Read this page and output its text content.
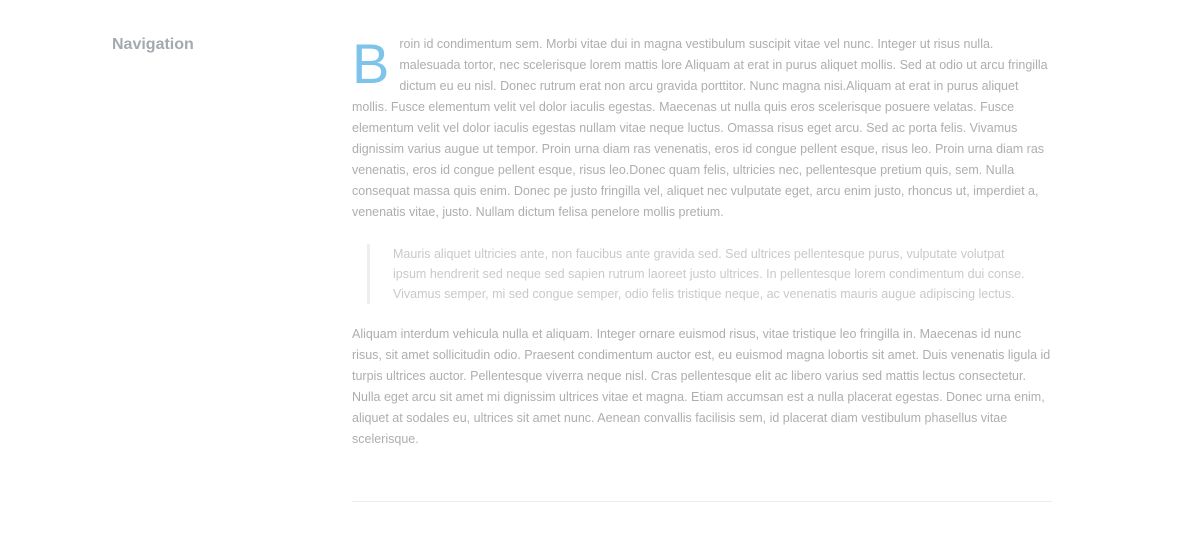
Navigation	Broin id condimentum sem. Morbi vitae dui in magna vestibulum suscipit vitae vel nunc. Integer ut risus nulla. malesuada tortor, nec scelerisque lorem mattis lore Aliquam at erat in purus aliquet mollis. Sed at odio ut arcu fringilla dictum eu eu nisl. Donec rutrum erat non arcu gravida porttitor. Nunc magna nisi.Aliquam at erat in purus aliquet mollis. Fusce elementum velit vel dolor iaculis egestas. Maecenas ut nulla quis eros scelerisque posuere velatas. Fusce elementum velit vel dolor iaculis egestas nullam vitae neque luctus. Omassa risus eget arcu. Sed ac porta felis. Vivamus dignissim varius augue ut tempor. Proin urna diam ras venenatis, eros id congue pellent esque, risus leo. Proin urna diam ras venenatis, eros id congue pellent esque, risus leo.Donec quam felis, ultricies nec, pellentesque pretium quis, sem. Nulla consequat massa quis enim. Donec pe justo fringilla vel, aliquet nec vulputate eget, arcu enim justo, rhoncus ut, imperdiet a, venenatis vitae, justo. Nullam dictum felisa penelore mollis pretium.

Mauris aliquet ultricies ante, non faucibus ante gravida sed. Sed ultrices pellentesque purus, vulputate volutpat ipsum hendrerit sed neque sed sapien rutrum laoreet justo ultrices. In pellentesque lorem condimentum dui conse. Vivamus semper, mi sed congue semper, odio felis tristique neque, ac venenatis mauris augue adipiscing lectus.

Aliquam interdum vehicula nulla et aliquam. Integer ornare euismod risus, vitae tristique leo fringilla in. Maecenas id nunc risus, sit amet sollicitudin odio. Praesent condimentum auctor est, eu euismod magna lobortis sit amet. Duis venenatis ligula id turpis ultrices auctor. Pellentesque viverra neque nisl. Cras pellentesque elit ac libero varius sed mattis lectus consectetur. Nulla eget arcu sit amet mi dignissim ultrices vitae et magna. Etiam accumsan est a nulla placerat egestas. Donec urna enim, aliquet at sodales eu, ultrices sit amet nunc. Aenean convallis facilisis sem, id placerat diam vestibulum phasellus vitae scelerisque.
